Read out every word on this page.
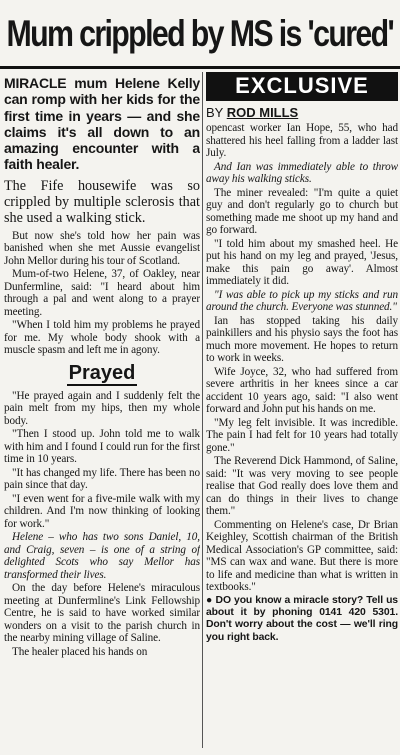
Mum crippled by MS is 'cured'
MIRACLE mum Helene Kelly can romp with her kids for the first time in years — and she claims it's all down to an amazing encounter with a faith healer.

The Fife housewife was so crippled by multiple sclerosis that she used a walking stick.

But now she's told how her pain was banished when she met Aussie evangelist John Mellor during his tour of Scotland.

Mum-of-two Helene, 37, of Oakley, near Dunfermline, said: "I heard about him through a pal and went along to a prayer meeting.

"When I told him my problems he prayed for me. My whole body shook with a muscle spasm and left me in agony.

Prayed

"He prayed again and I suddenly felt the pain melt from my hips, then my whole body.

"Then I stood up. John told me to walk with him and I found I could run for the first time in 10 years.

"It has changed my life. There has been no pain since that day.

"I even went for a five-mile walk with my children. And I'm now thinking of looking for work."

Helene – who has two sons Daniel, 10, and Craig, seven – is one of a string of delighted Scots who say Mellor has transformed their lives.

On the day before Helene's miraculous meeting at Dunfermline's Link Fellowship Centre, he is said to have worked similar wonders on a visit to the parish church in the nearby mining village of Saline.

The healer placed his hands on

EXCLUSIVE
BY ROD MILLS

opencast worker Ian Hope, 55, who had shattered his heel falling from a ladder last July.

And Ian was immediately able to throw away his walking sticks.

The miner revealed: "I'm quite a quiet guy and don't regularly go to church but something made me shoot up my hand and go forward.

"I told him about my smashed heel. He put his hand on my leg and prayed, 'Jesus, make this pain go away'. Almost immediately it did.

"I was able to pick up my sticks and run around the church. Everyone was stunned."

Ian has stopped taking his daily painkillers and his physio says the foot has much more movement. He hopes to return to work in weeks.

Wife Joyce, 32, who had suffered from severe arthritis in her knees since a car accident 10 years ago, said: "I also went forward and John put his hands on me.

"My leg felt invisible. It was incredible. The pain I had felt for 10 years had totally gone."

The Reverend Dick Hammond, of Saline, said: "It was very moving to see people realise that God really does love them and can do things in their lives to change them."

Commenting on Helene's case, Dr Brian Keighley, Scottish chairman of the British Medical Association's GP committee, said: "MS can wax and wane. But there is more to life and medicine than what is written in textbooks."

● DO you know a miracle story? Tell us about it by phoning 0141 420 5301. Don't worry about the cost — we'll ring you right back.
